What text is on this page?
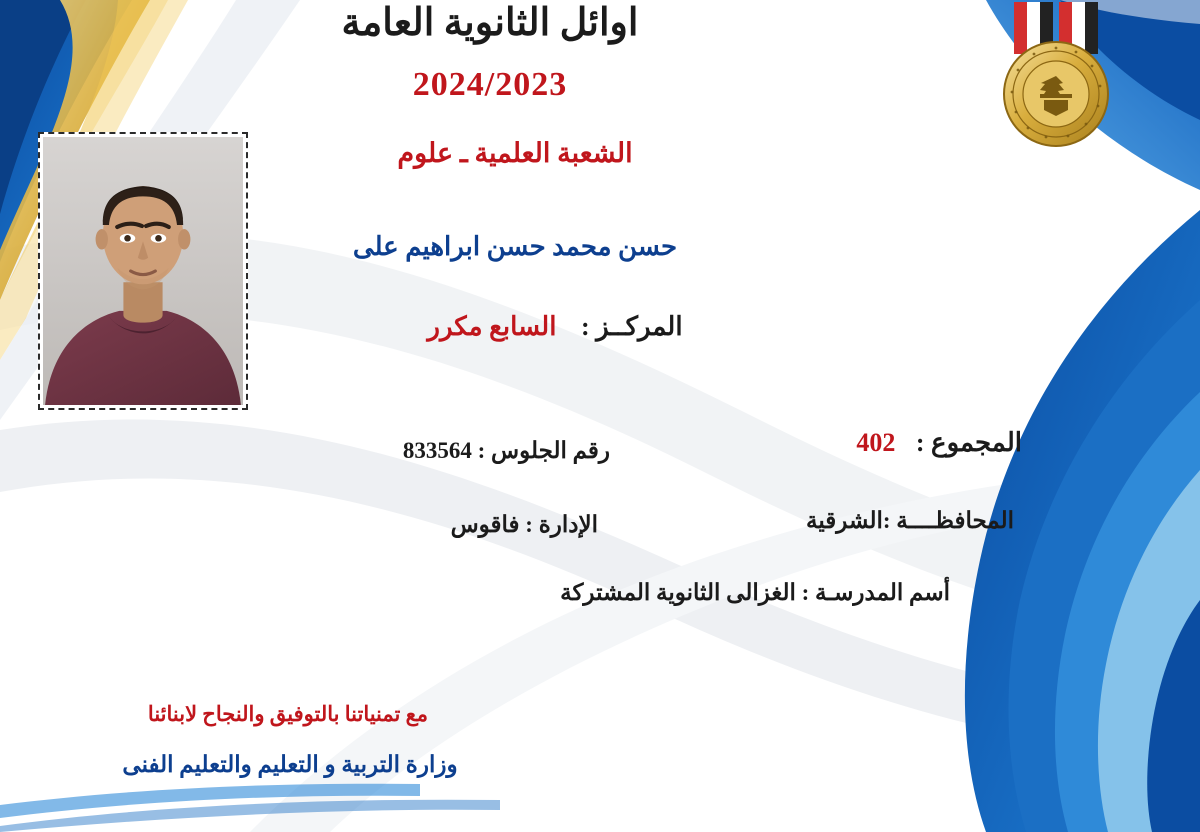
اوائل الثانوية العامة
2024/2023
الشعبة العلمية ـ علوم
حسن محمد حسن ابراهيم على
المركــز : السابع مكرر
المجموع : 402
رقم الجلوس : 833564
المحافظــــة :الشرقية
الإدارة : فاقوس
أسم المدرسـة : الغزالى الثانوية المشتركة
مع تمنياتنا بالتوفيق والنجاح لابنائنا
وزارة التربية و التعليم والتعليم الفنى
